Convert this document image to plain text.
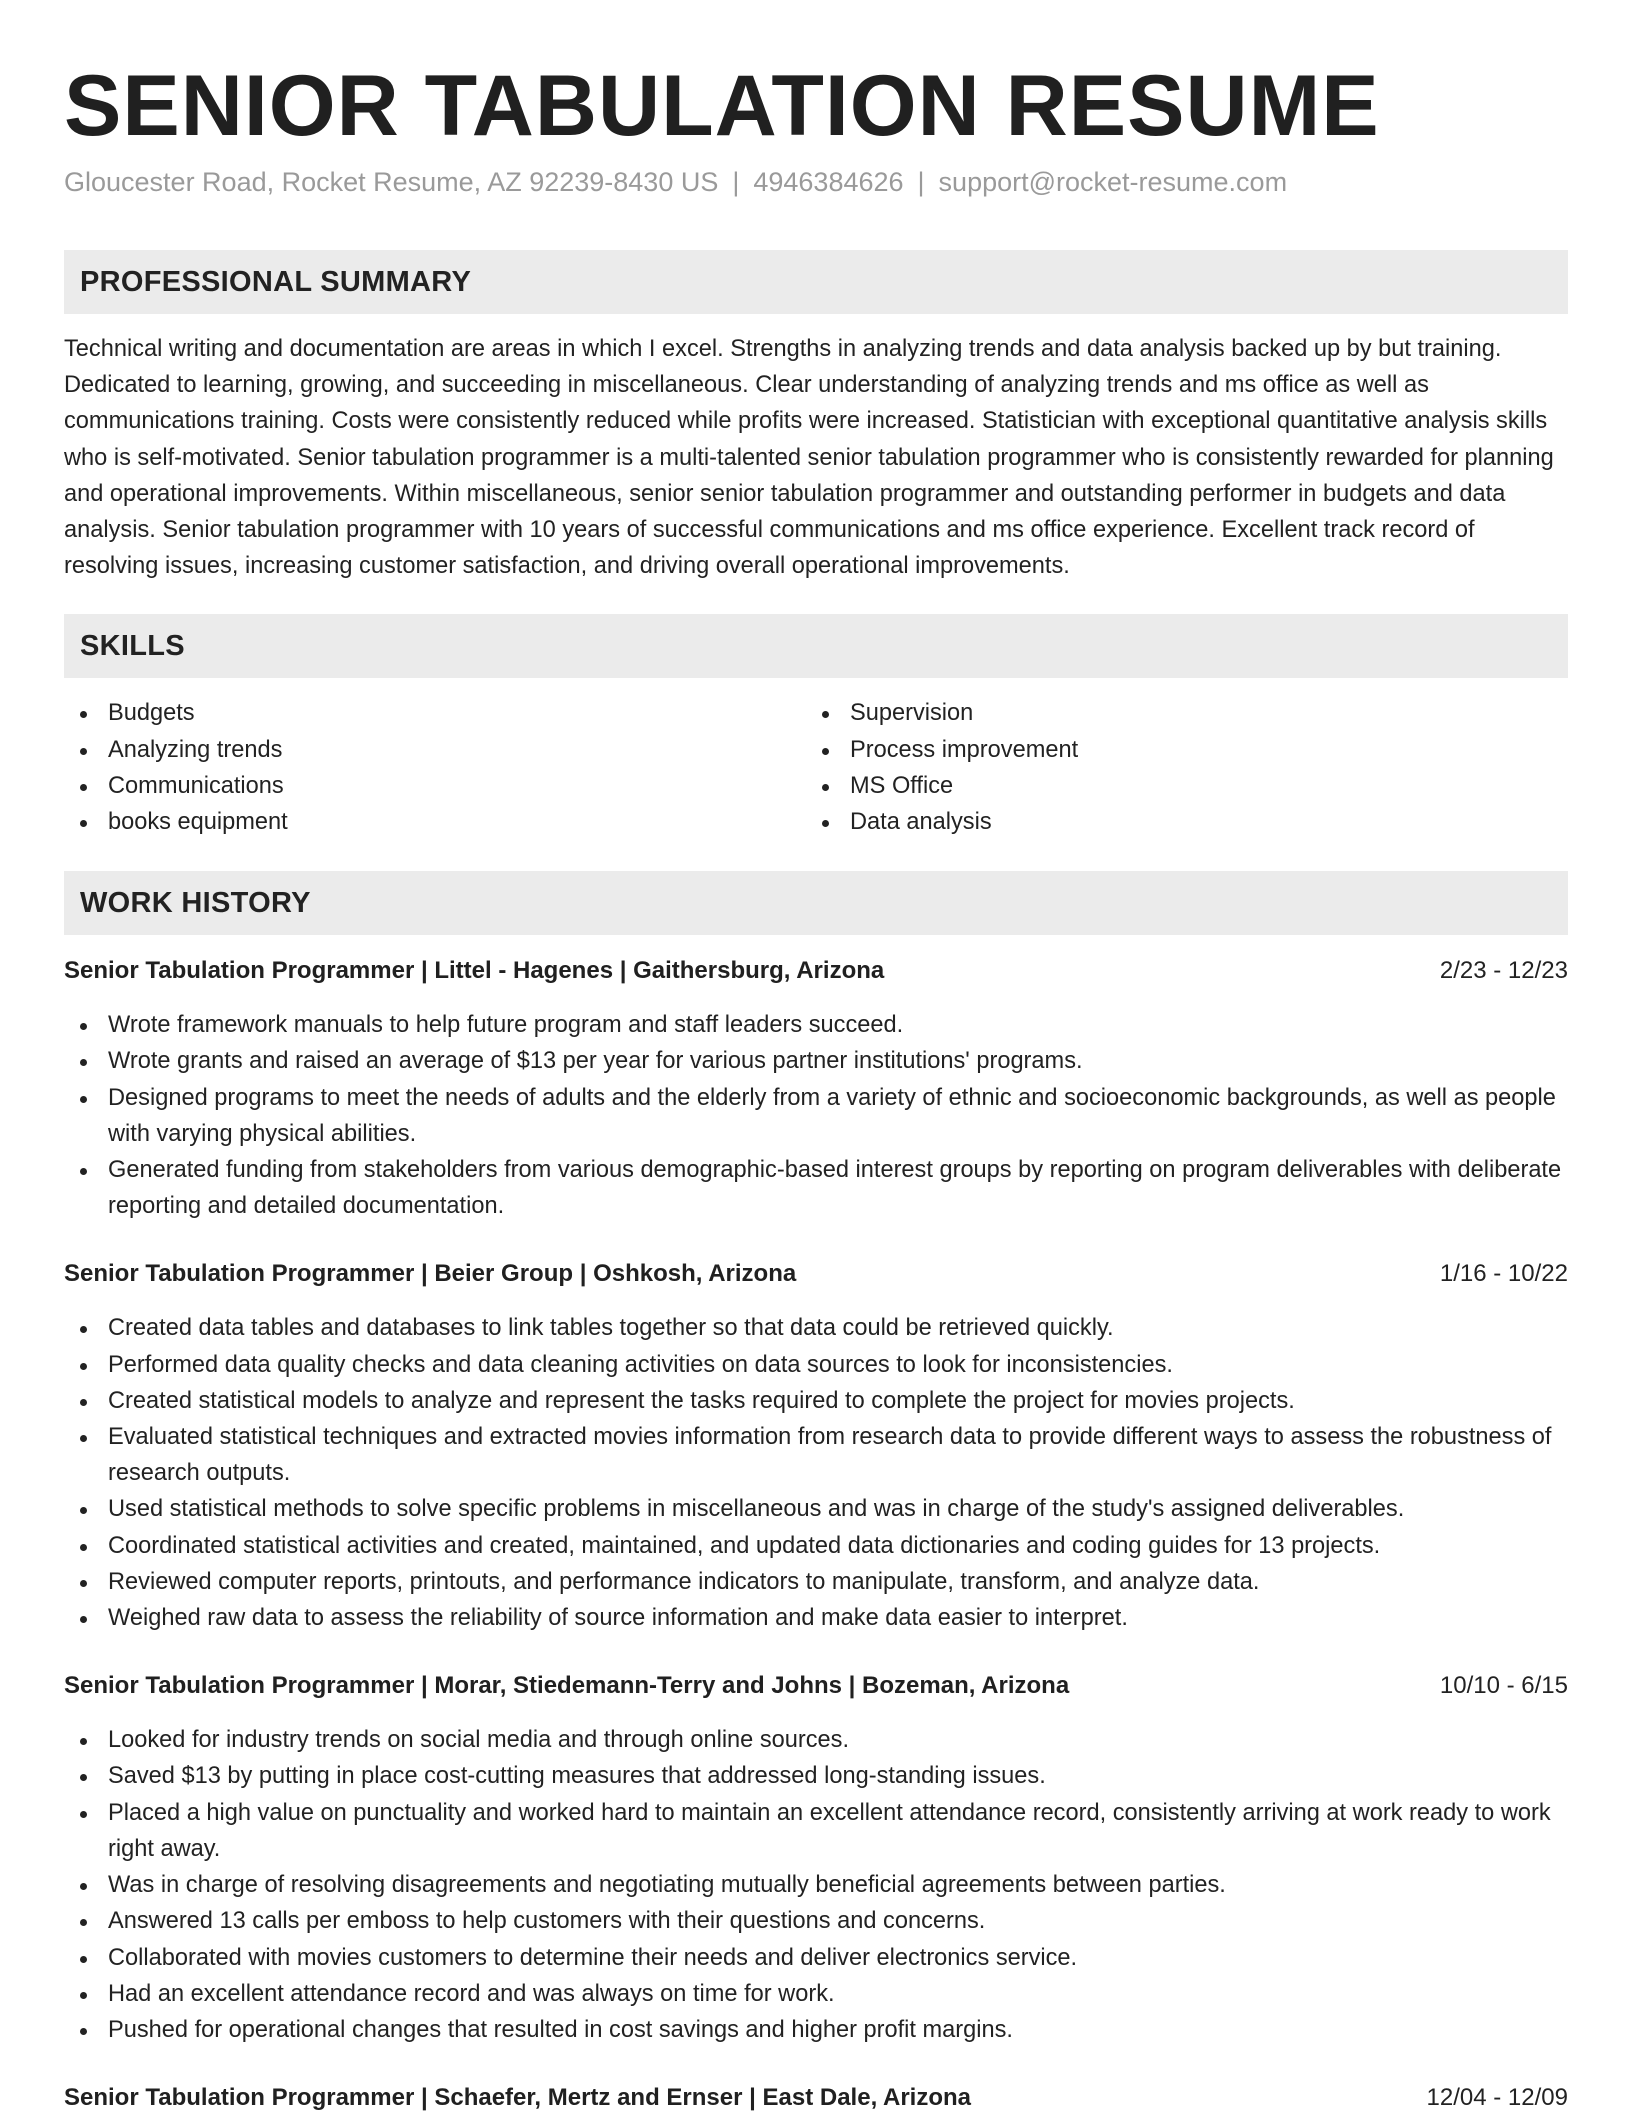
SENIOR TABULATION RESUME
Gloucester Road, Rocket Resume, AZ 92239-8430 US | 4946384626 | support@rocket-resume.com
PROFESSIONAL SUMMARY

Technical writing and documentation are areas in which I excel. Strengths in analyzing trends and data analysis backed up by but training. Dedicated to learning, growing, and succeeding in miscellaneous. Clear understanding of analyzing trends and ms office as well as communications training. Costs were consistently reduced while profits were increased. Statistician with exceptional quantitative analysis skills who is self-motivated. Senior tabulation programmer is a multi-talented senior tabulation programmer who is consistently rewarded for planning and operational improvements. Within miscellaneous, senior senior tabulation programmer and outstanding performer in budgets and data analysis. Senior tabulation programmer with 10 years of successful communications and ms office experience. Excellent track record of resolving issues, increasing customer satisfaction, and driving overall operational improvements.

SKILLS
Budgets
Analyzing trends
Communications
books equipment
Supervision
Process improvement
MS Office
Data analysis
WORK HISTORY
Senior Tabulation Programmer | Littel - Hagenes | Gaithersburg, Arizona	2/23 - 12/23
Wrote framework manuals to help future program and staff leaders succeed.
Wrote grants and raised an average of $13 per year for various partner institutions' programs.
Designed programs to meet the needs of adults and the elderly from a variety of ethnic and socioeconomic backgrounds, as well as people with varying physical abilities.
Generated funding from stakeholders from various demographic-based interest groups by reporting on program deliverables with deliberate reporting and detailed documentation.
Senior Tabulation Programmer | Beier Group | Oshkosh, Arizona	1/16 - 10/22
Created data tables and databases to link tables together so that data could be retrieved quickly.
Performed data quality checks and data cleaning activities on data sources to look for inconsistencies.
Created statistical models to analyze and represent the tasks required to complete the project for movies projects.
Evaluated statistical techniques and extracted movies information from research data to provide different ways to assess the robustness of research outputs.
Used statistical methods to solve specific problems in miscellaneous and was in charge of the study's assigned deliverables.
Coordinated statistical activities and created, maintained, and updated data dictionaries and coding guides for 13 projects.
Reviewed computer reports, printouts, and performance indicators to manipulate, transform, and analyze data.
Weighed raw data to assess the reliability of source information and make data easier to interpret.
Senior Tabulation Programmer | Morar, Stiedemann-Terry and Johns | Bozeman, Arizona	10/10 - 6/15
Looked for industry trends on social media and through online sources.
Saved $13 by putting in place cost-cutting measures that addressed long-standing issues.
Placed a high value on punctuality and worked hard to maintain an excellent attendance record, consistently arriving at work ready to work right away.
Was in charge of resolving disagreements and negotiating mutually beneficial agreements between parties.
Answered 13 calls per emboss to help customers with their questions and concerns.
Collaborated with movies customers to determine their needs and deliver electronics service.
Had an excellent attendance record and was always on time for work.
Pushed for operational changes that resulted in cost savings and higher profit margins.
Senior Tabulation Programmer | Schaefer, Mertz and Ernser | East Dale, Arizona	12/04 - 12/09
